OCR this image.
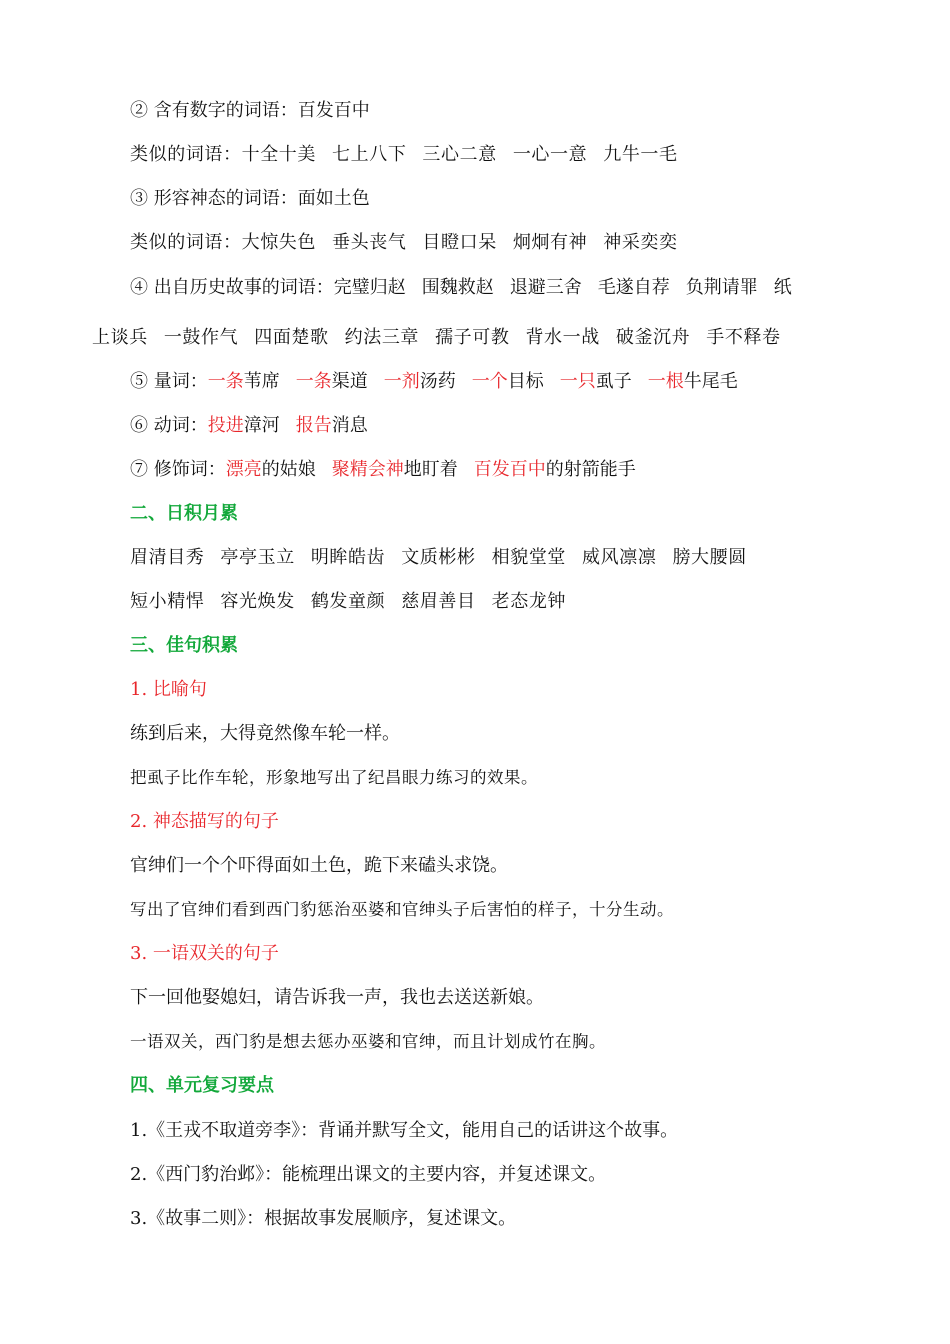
② 含有数字的词语：百发百中
类似的词语：十全十美 七上八下 三心二意 一心一意 九牛一毛
③ 形容神态的词语：面如土色
类似的词语：大惊失色 垂头丧气 目瞪口呆 炯炯有神 神采奕奕
④ 出自历史故事的词语：完璧归赵 围魏救赵 退避三舍 毛遂自荐 负荆请罪 纸
上谈兵 一鼓作气 四面楚歌 约法三章 孺子可教 背水一战 破釜沉舟 手不释卷
⑤ 量词：一条苇席 一条渠道 一剂汤药 一个目标 一只虱子 一根牛尾毛
⑥ 动词：投进漳河 报告消息
⑦ 修饰词：漂亮的姑娘 聚精会神地盯着 百发百中的射箭能手
二、日积月累
眉清目秀 亭亭玉立 明眸皓齿 文质彬彬 相貌堂堂 威风凛凛 膀大腰圆
短小精悍 容光焕发 鹤发童颜 慈眉善目 老态龙钟
三、佳句积累
1. 比喻句
练到后来，大得竟然像车轮一样。
把虱子比作车轮，形象地写出了纪昌眼力练习的效果。
2. 神态描写的句子
官绅们一个个吓得面如土色，跪下来磕头求饶。
写出了官绅们看到西门豹惩治巫婆和官绅头子后害怕的样子，十分生动。
3. 一语双关的句子
下一回他娶媳妇，请告诉我一声，我也去送送新娘。
一语双关，西门豹是想去惩办巫婆和官绅，而且计划成竹在胸。
四、单元复习要点
1.《王戎不取道旁李》：背诵并默写全文，能用自己的话讲这个故事。
2.《西门豹治邺》：能梳理出课文的主要内容，并复述课文。
3.《故事二则》：根据故事发展顺序，复述课文。
